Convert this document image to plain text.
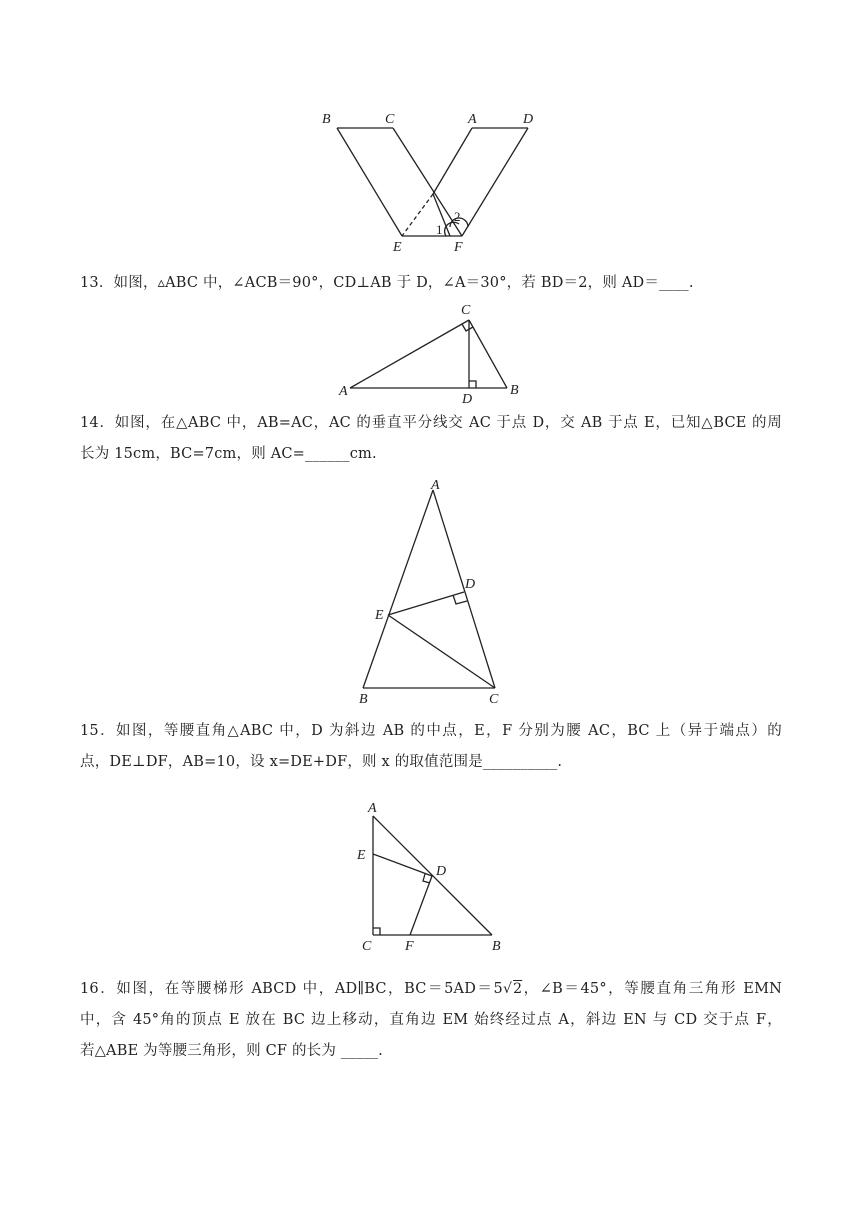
B	C	A	D
E	F
1
2
13．如图，▵ABC 中，∠ACB＝90°，CD⊥AB 于 D，∠A＝30°，若 BD＝2，则 AD＝____.
C
A
D
B
14．如图，在△ABC 中，AB=AC，AC 的垂直平分线交 AC 于点 D，交 AB 于点 E，已知△BCE 的周
长为 15cm，BC=7cm，则 AC=______cm.
A
D
E
B	C
15．如图，等腰直角△ABC 中，D 为斜边 AB 的中点，E，F 分别为腰 AC，BC 上（异于端点）的
点，DE⊥DF，AB=10，设 x=DE+DF，则 x 的取值范围是__________.
A
E
D
C F	B
16．如图，在等腰梯形 ABCD 中，AD∥BC，BC＝5AD＝5√2，∠B＝45°，等腰直角三角形 EMN
中，含 45°角的顶点 E 放在 BC 边上移动，直角边 EM 始终经过点 A，斜边 EN 与 CD 交于点 F，
若△ABE 为等腰三角形，则 CF 的长为 _____.
